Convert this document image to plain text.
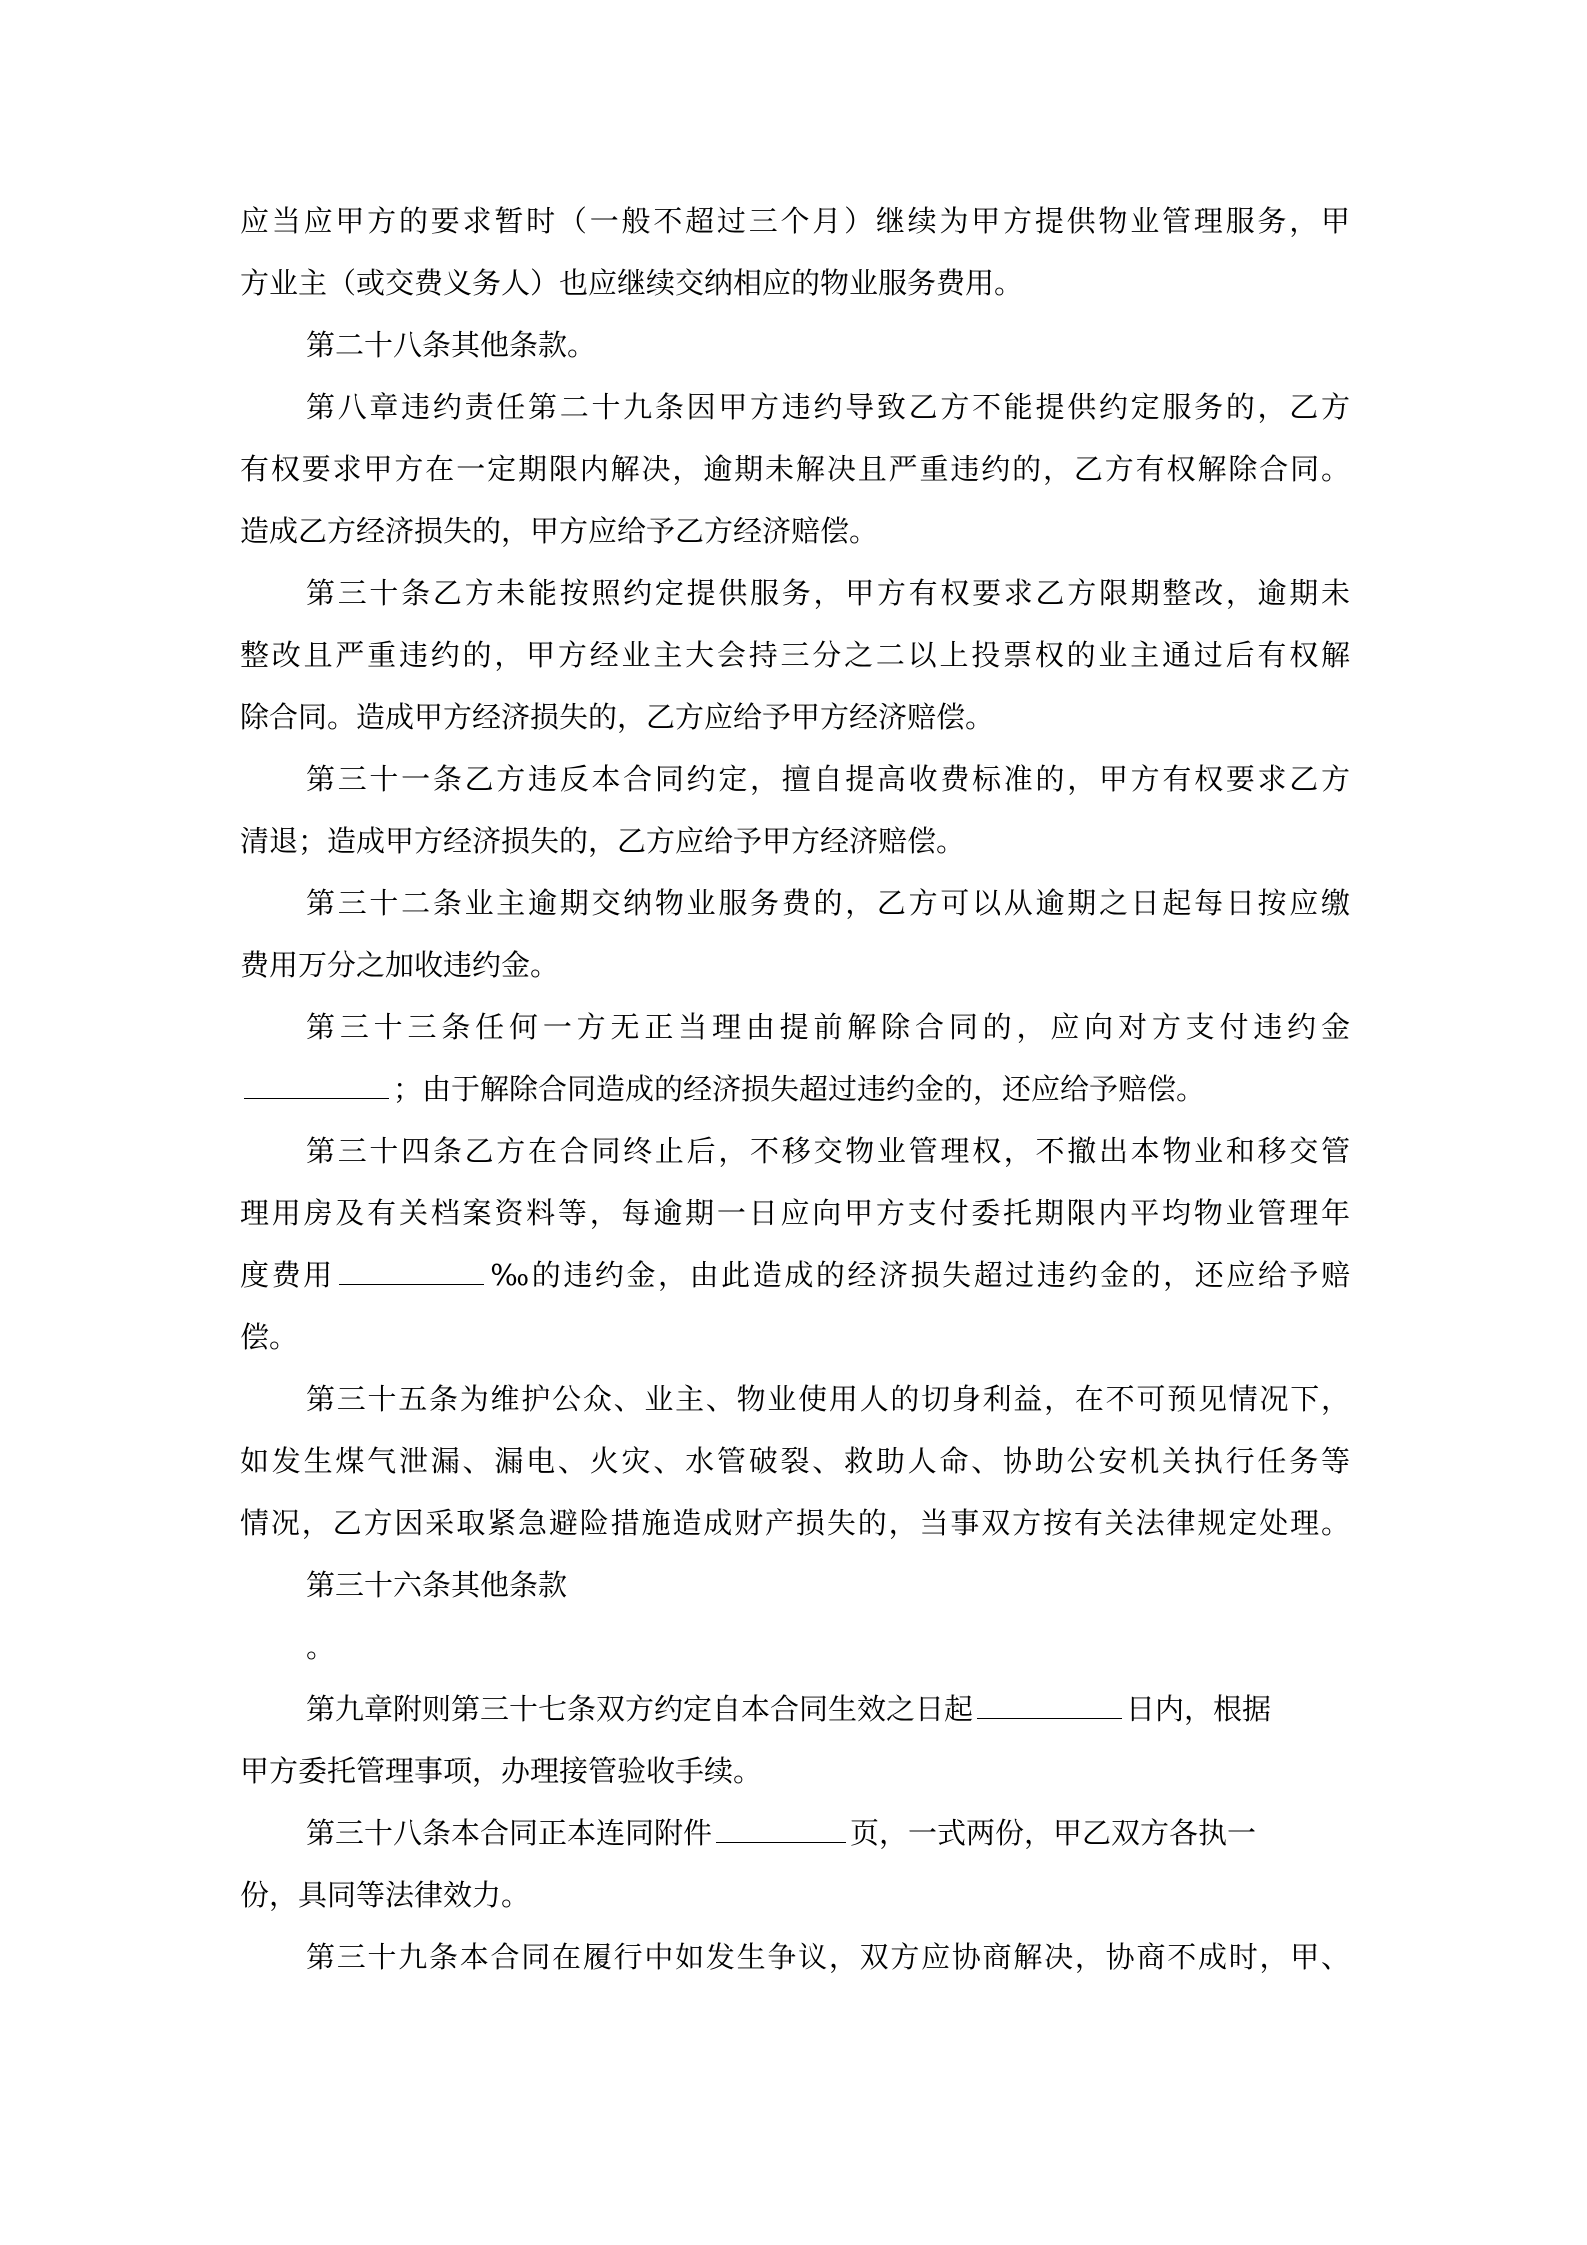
应当应甲方的要求暂时（一般不超过三个月）继续为甲方提供物业管理服务，甲
方业主（或交费义务人）也应继续交纳相应的物业服务费用。
第二十八条其他条款。
第八章违约责任第二十九条因甲方违约导致乙方不能提供约定服务的，乙方
有权要求甲方在一定期限内解决，逾期未解决且严重违约的，乙方有权解除合同。
造成乙方经济损失的，甲方应给予乙方经济赔偿。
第三十条乙方未能按照约定提供服务，甲方有权要求乙方限期整改，逾期未
整改且严重违约的，甲方经业主大会持三分之二以上投票权的业主通过后有权解
除合同。造成甲方经济损失的，乙方应给予甲方经济赔偿。
第三十一条乙方违反本合同约定，擅自提高收费标准的，甲方有权要求乙方
清退；造成甲方经济损失的，乙方应给予甲方经济赔偿。
第三十二条业主逾期交纳物业服务费的，乙方可以从逾期之日起每日按应缴
费用万分之加收违约金。
第三十三条任何一方无正当理由提前解除合同的，应向对方支付违约金
；由于解除合同造成的经济损失超过违约金的，还应给予赔偿。
第三十四条乙方在合同终止后，不移交物业管理权，不撤出本物业和移交管
理用房及有关档案资料等，每逾期一日应向甲方支付委托期限内平均物业管理年
度费用	‰的违约金，由此造成的经济损失超过违约金的，还应给予赔
偿。
第三十五条为维护公众、业主、物业使用人的切身利益，在不可预见情况下，
如发生煤气泄漏、漏电、火灾、水管破裂、救助人命、协助公安机关执行任务等
情况，乙方因采取紧急避险措施造成财产损失的，当事双方按有关法律规定处理。
第三十六条其他条款
。
第九章附则第三十七条双方约定自本合同生效之日起	日内，根据
甲方委托管理事项，办理接管验收手续。
第三十八条本合同正本连同附件	页，一式两份，甲乙双方各执一
份，具同等法律效力。
第三十九条本合同在履行中如发生争议，双方应协商解决，协商不成时，甲、
